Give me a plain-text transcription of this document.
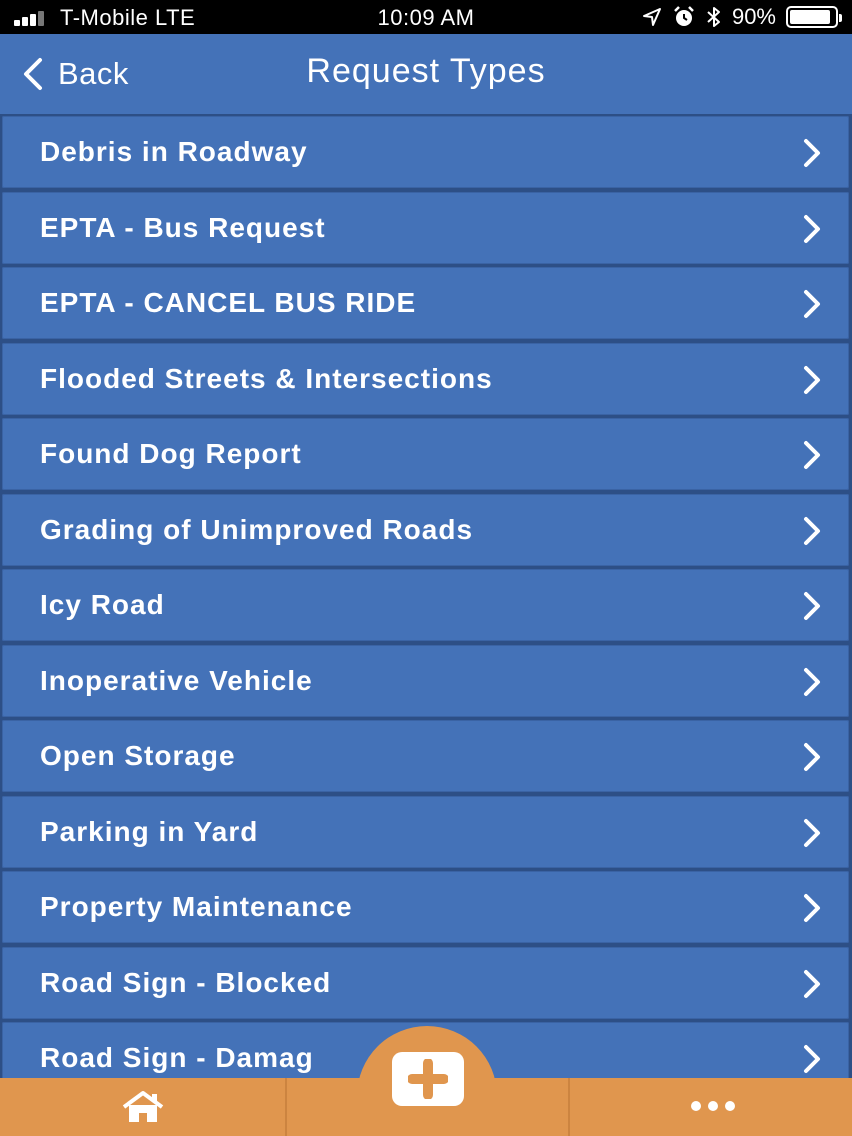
T-Mobile LTE	10:09 AM	90%
Back	Request Types
Debris in Roadway
EPTA - Bus Request
EPTA - CANCEL BUS RIDE
Flooded Streets & Intersections
Found Dog Report
Grading of Unimproved Roads
Icy Road
Inoperative Vehicle
Open Storage
Parking in Yard
Property Maintenance
Road Sign - Blocked
Road Sign - Damag
